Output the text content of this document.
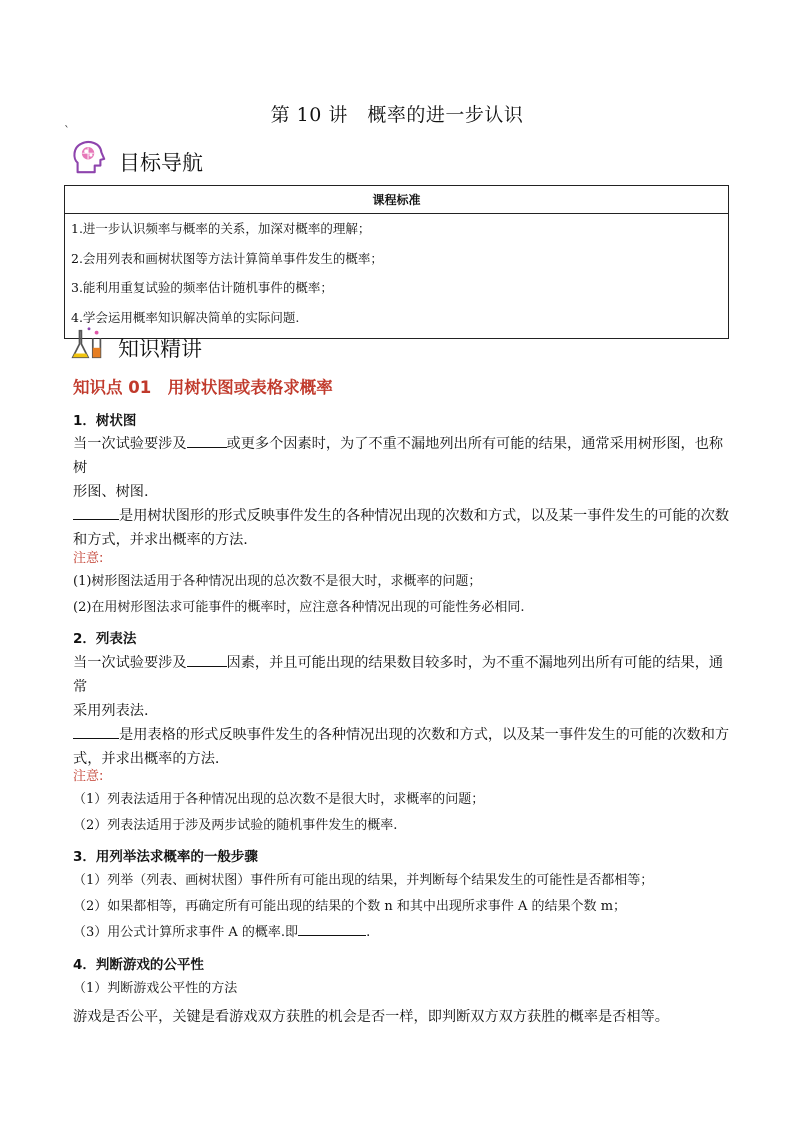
第 10 讲　概率的进一步认识
`
目标导航
课程标准

1.进一步认识频率与概率的关系，加深对概率的理解；
2.会用列表和画树状图等方法计算简单事件发生的概率；
3.能利用重复试验的频率估计随机事件的概率；
4.学会运用概率知识解决简单的实际问题.
知识精讲
知识点 01　用树状图或表格求概率
1．树状图
当一次试验要涉及	或更多个因素时，为了不重不漏地列出所有可能的结果，通常采用树形图，也称树
形图、树图.
是用树状图形的形式反映事件发生的各种情况出现的次数和方式，以及某一事件发生的可能的次数
和方式，并求出概率的方法.
注意:
(1)树形图法适用于各种情况出现的总次数不是很大时，求概率的问题；
(2)在用树形图法求可能事件的概率时，应注意各种情况出现的可能性务必相同.
2．列表法
当一次试验要涉及	因素，并且可能出现的结果数目较多时，为不重不漏地列出所有可能的结果，通常
采用列表法.
是用表格的形式反映事件发生的各种情况出现的次数和方式，以及某一事件发生的可能的次数和方
式，并求出概率的方法.
注意:
（1）列表法适用于各种情况出现的总次数不是很大时，求概率的问题；
（2）列表法适用于涉及两步试验的随机事件发生的概率.
3．用列举法求概率的一般步骤
（1）列举（列表、画树状图）事件所有可能出现的结果，并判断每个结果发生的可能性是否都相等；
（2）如果都相等，再确定所有可能出现的结果的个数 n 和其中出现所求事件 A 的结果个数 m；
（3）用公式计算所求事件 A 的概率.即	.
4．判断游戏的公平性
（1）判断游戏公平性的方法
游戏是否公平，关键是看游戏双方获胜的机会是否一样，即判断双方双方获胜的概率是否相等。
